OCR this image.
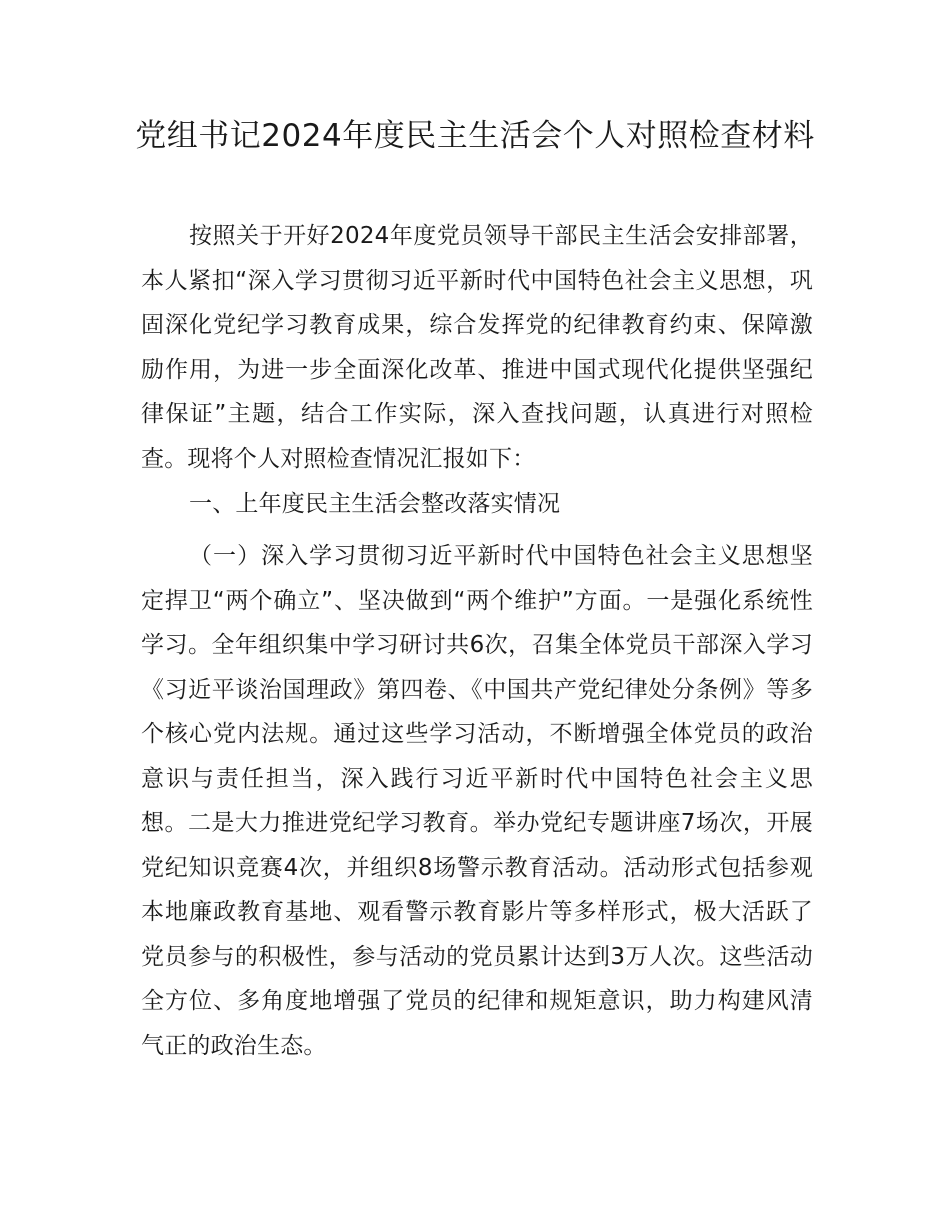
党组书记2024年度民主生活会个人对照检查材料

按照关于开好2024年度党员领导干部民主生活会安排部署，本人紧扣“深入学习贯彻习近平新时代中国特色社会主义思想，巩固深化党纪学习教育成果，综合发挥党的纪律教育约束、保障激励作用，为进一步全面深化改革、推进中国式现代化提供坚强纪律保证”主题，结合工作实际，深入查找问题，认真进行对照检查。现将个人对照检查情况汇报如下：

一、上年度民主生活会整改落实情况

（一）深入学习贯彻习近平新时代中国特色社会主义思想坚定捍卫“两个确立”、坚决做到“两个维护”方面。一是强化系统性学习。全年组织集中学习研讨共6次，召集全体党员干部深入学习《习近平谈治国理政》第四卷、《中国共产党纪律处分条例》等多个核心党内法规。通过这些学习活动，不断增强全体党员的政治意识与责任担当，深入践行习近平新时代中国特色社会主义思想。二是大力推进党纪学习教育。举办党纪专题讲座7场次，开展党纪知识竞赛4次，并组织8场警示教育活动。活动形式包括参观本地廉政教育基地、观看警示教育影片等多样形式，极大活跃了党员参与的积极性，参与活动的党员累计达到3万人次。这些活动全方位、多角度地增强了党员的纪律和规矩意识，助力构建风清气正的政治生态。
